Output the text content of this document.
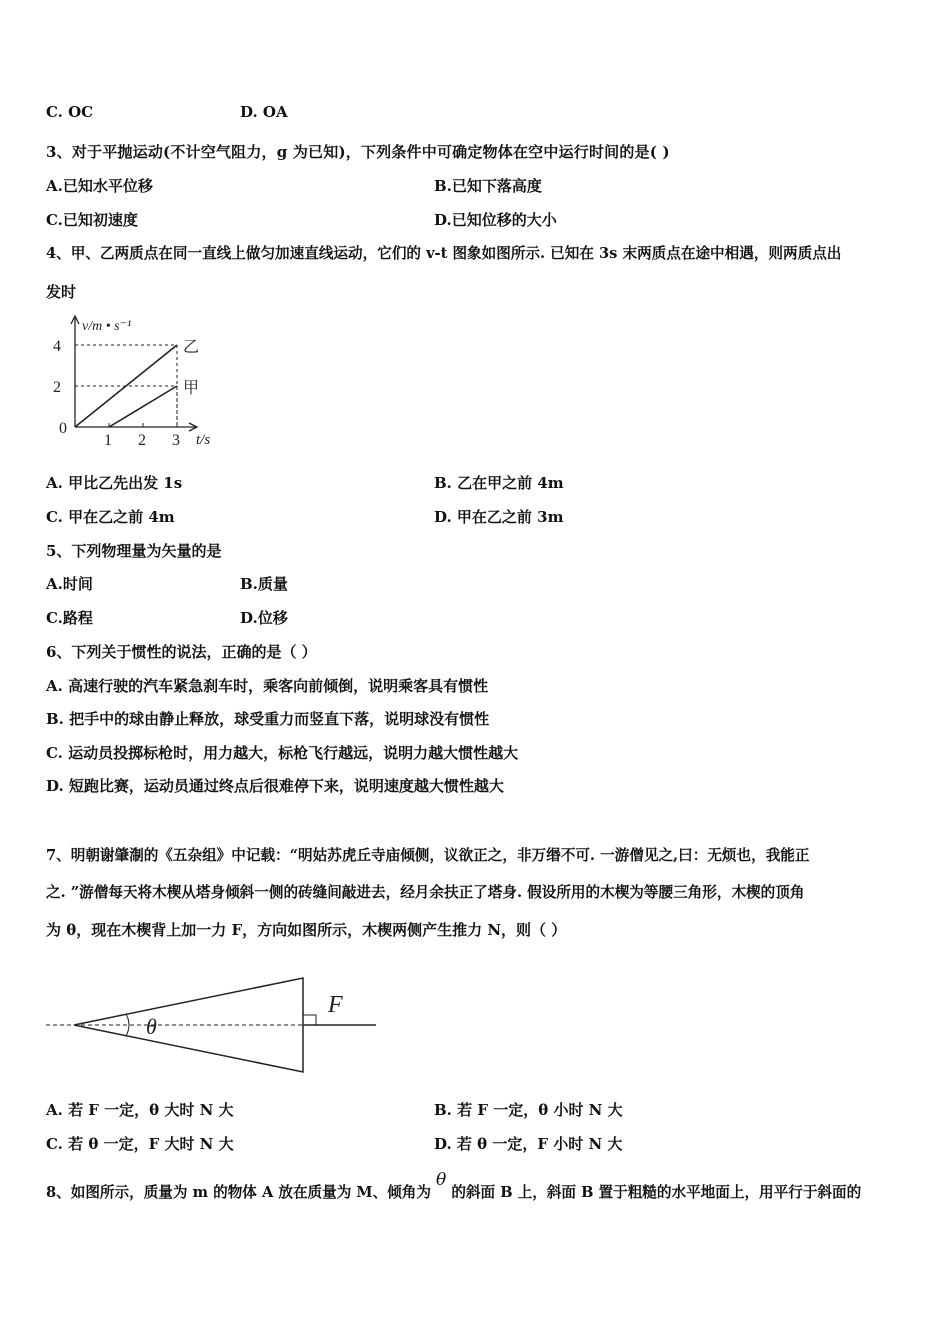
C. OC	D. OA
3、对于平抛运动(不计空气阻力，g 为已知)，下列条件中可确定物体在空中运行时间的是( )
A.已知水平位移	B.已知下落高度
C.已知初速度	D.已知位移的大小
4、甲、乙两质点在同一直线上做匀加速直线运动，它们的 v-t 图象如图所示. 已知在 3s 末两质点在途中相遇，则两质点出
发时
v/m • s⁻¹
t/s
0
1 2 3
2
4	乙
甲
A. 甲比乙先出发 1s	B. 乙在甲之前 4m
C. 甲在乙之前 4m	D. 甲在乙之前 3m
5、下列物理量为矢量的是
A.时间	B.质量
C.路程	D.位移
6、下列关于惯性的说法，正确的是（ ）
A. 高速行驶的汽车紧急刹车时，乘客向前倾倒，说明乘客具有惯性
B. 把手中的球由静止释放，球受重力而竖直下落，说明球没有惯性
C. 运动员投掷标枪时，用力越大，标枪飞行越远，说明力越大惯性越大
D. 短跑比赛，运动员通过终点后很难停下来，说明速度越大惯性越大
7、明朝谢肇淛的《五杂组》中记载：“明姑苏虎丘寺庙倾侧，议欲正之，非万缗不可. 一游僧见之,曰：无烦也，我能正
之. ”游僧每天将木楔从塔身倾斜一侧的砖缝间敲进去，经月余扶正了塔身. 假设所用的木楔为等腰三角形，木楔的顶角
为 θ，现在木楔背上加一力 F，方向如图所示，木楔两侧产生推力 N，则（ ）
θ
F
A. 若 F 一定，θ 大时 N 大	B. 若 F 一定，θ 小时 N 大
C. 若 θ 一定，F 大时 N 大	D. 若 θ 一定，F 小时 N 大
8、如图所示，质量为 m 的物体 A 放在质量为 M、倾角为 θ 的斜面 B 上，斜面 B 置于粗糙的水平地面上，用平行于斜面的
